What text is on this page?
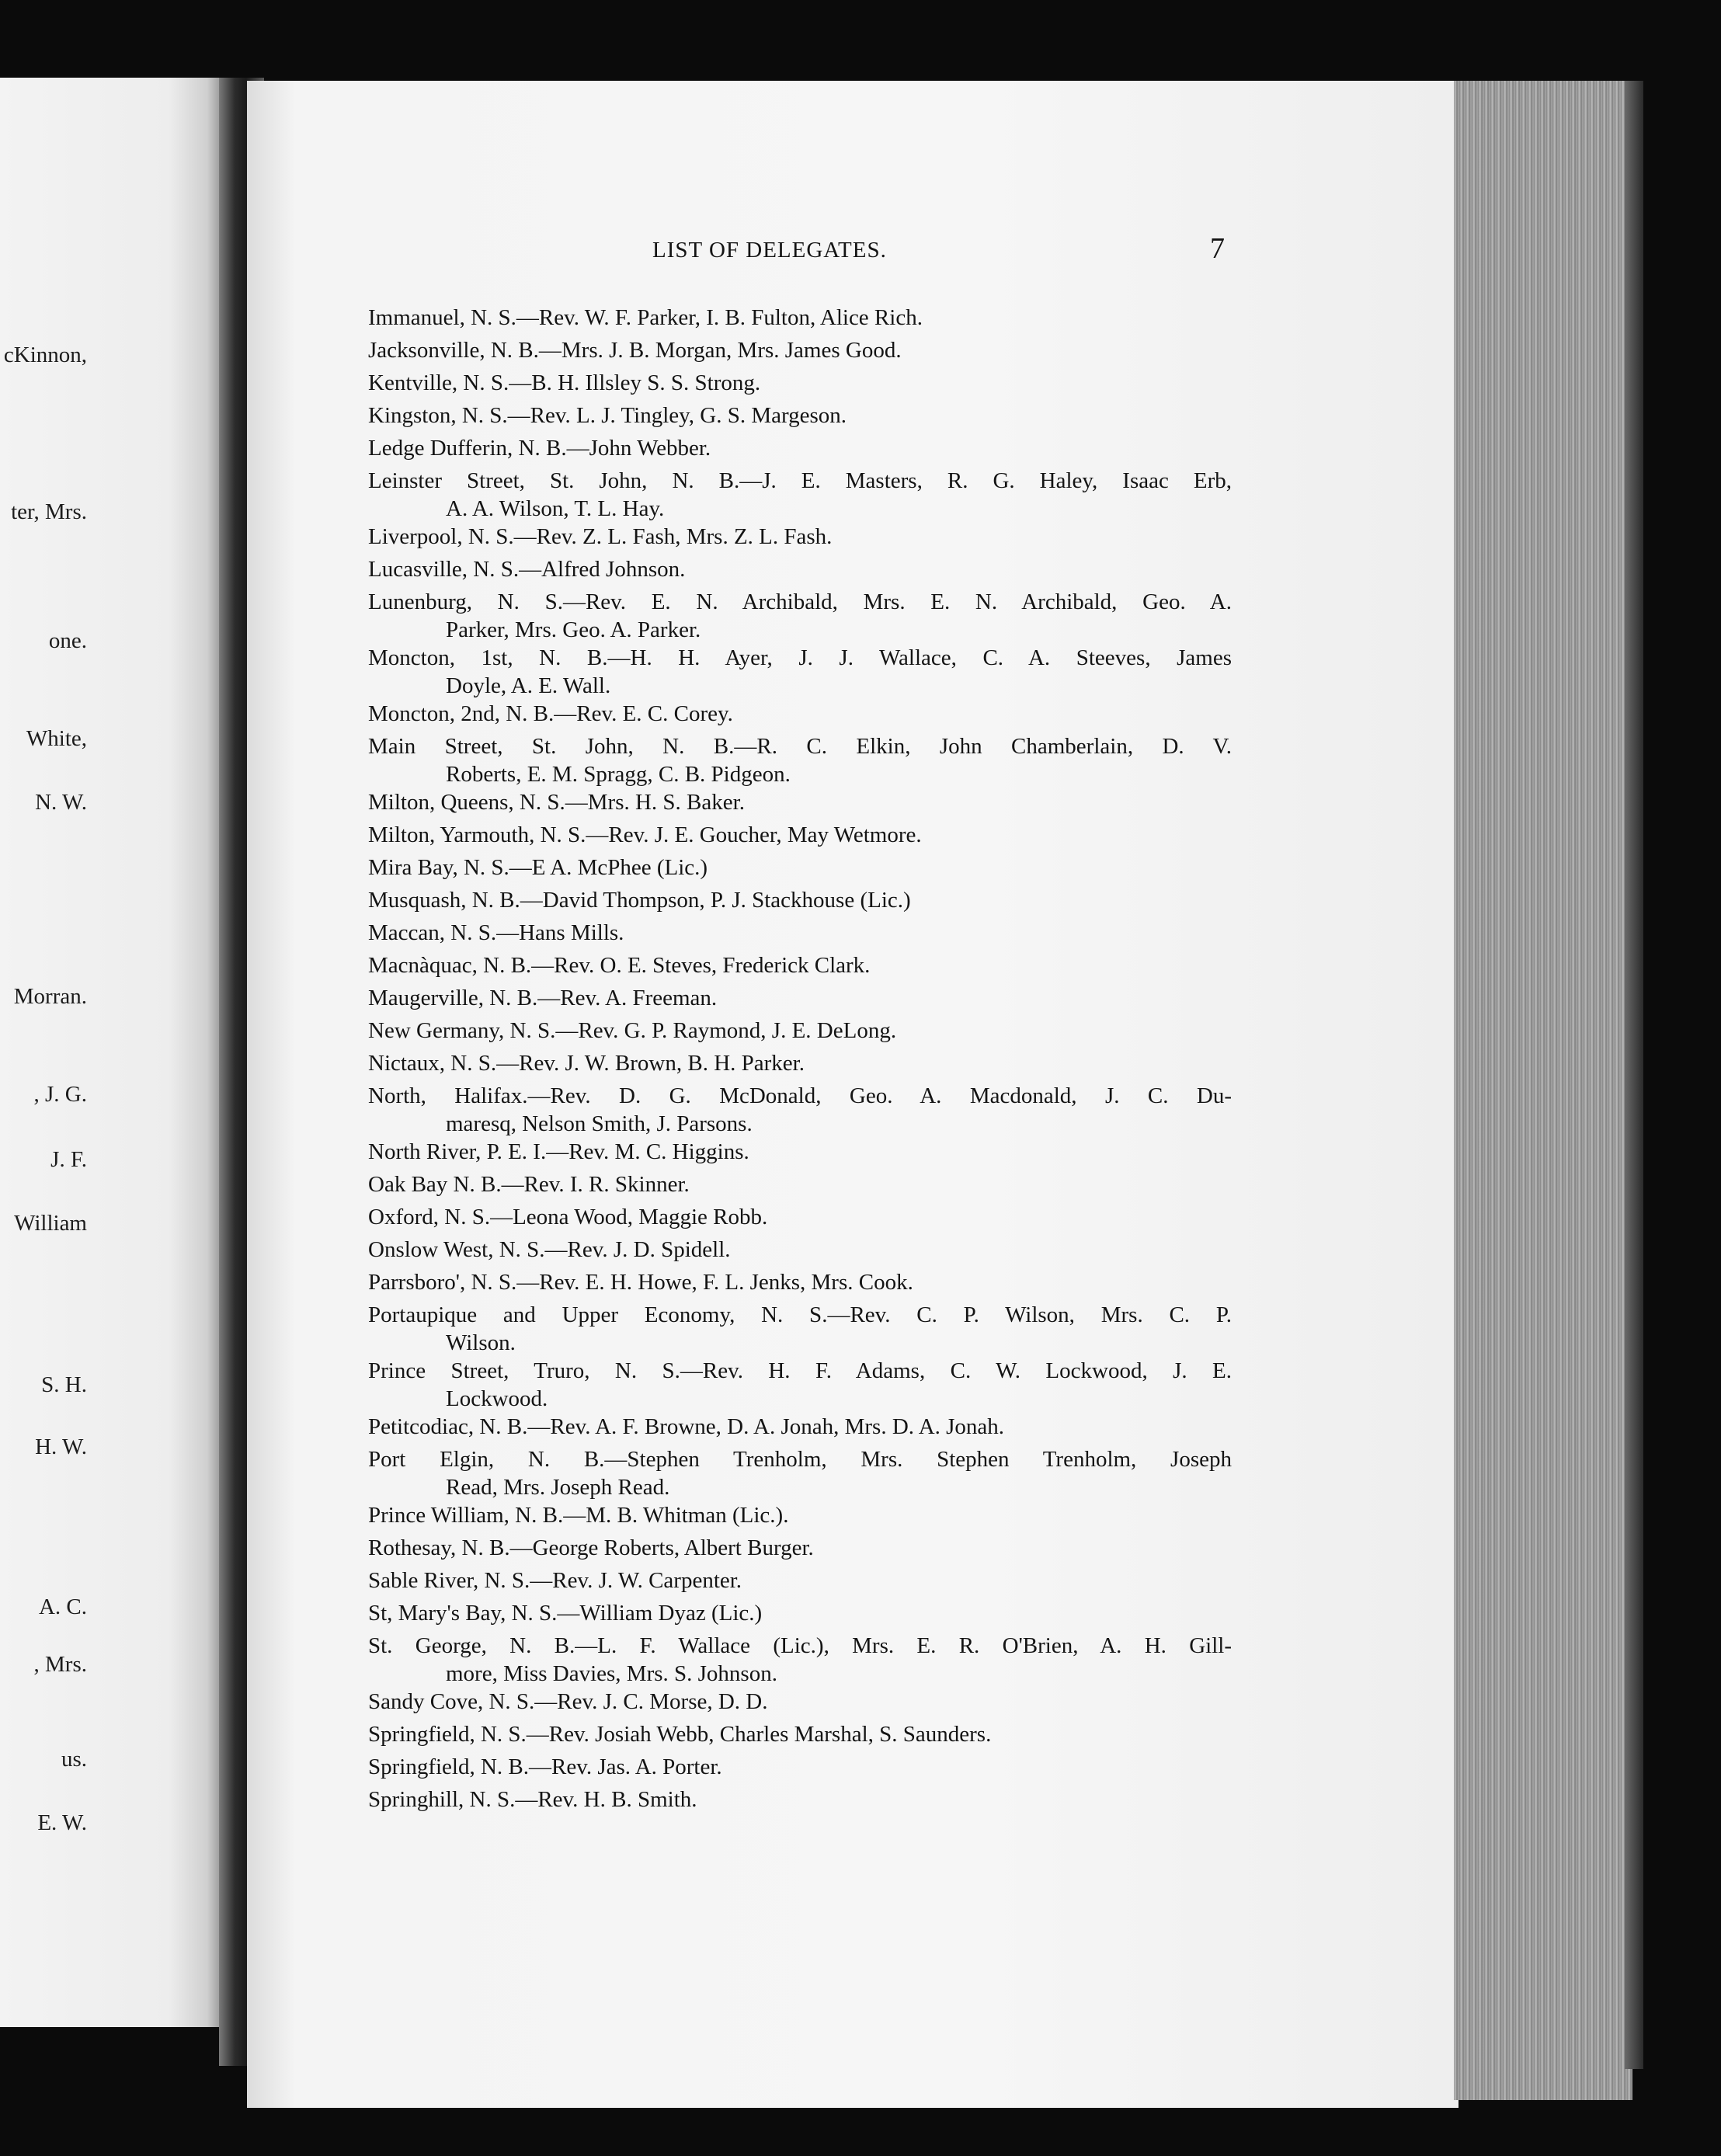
cKinnon,
ter, Mrs.
one.
White,
N. W.
Morran.
, J. G.
J. F.
William
S. H.
H. W.
A. C.
, Mrs.
us.
E. W.
LIST OF DELEGATES.	7
Immanuel, N. S.—Rev. W. F. Parker, I. B. Fulton, Alice Rich.
Jacksonville, N. B.—Mrs. J. B. Morgan, Mrs. James Good.
Kentville, N. S.—B. H. Illsley S. S. Strong.
Kingston, N. S.—Rev. L. J. Tingley, G. S. Margeson.
Ledge Dufferin, N. B.—John Webber.
Leinster Street, St. John, N. B.—J. E. Masters, R. G. Haley, Isaac Erb,
A. A. Wilson, T. L. Hay.
Liverpool, N. S.—Rev. Z. L. Fash, Mrs. Z. L. Fash.
Lucasville, N. S.—Alfred Johnson.
Lunenburg, N. S.—Rev. E. N. Archibald, Mrs. E. N. Archibald, Geo. A.
Parker, Mrs. Geo. A. Parker.
Moncton, 1st, N. B.—H. H. Ayer, J. J. Wallace, C. A. Steeves, James
Doyle, A. E. Wall.
Moncton, 2nd, N. B.—Rev. E. C. Corey.
Main Street, St. John, N. B.—R. C. Elkin, John Chamberlain, D. V.
Roberts, E. M. Spragg, C. B. Pidgeon.
Milton, Queens, N. S.—Mrs. H. S. Baker.
Milton, Yarmouth, N. S.—Rev. J. E. Goucher, May Wetmore.
Mira Bay, N. S.—E A. McPhee (Lic.)
Musquash, N. B.—David Thompson, P. J. Stackhouse (Lic.)
Maccan, N. S.—Hans Mills.
Macnàquac, N. B.—Rev. O. E. Steves, Frederick Clark.
Maugerville, N. B.—Rev. A. Freeman.
New Germany, N. S.—Rev. G. P. Raymond, J. E. DeLong.
Nictaux, N. S.—Rev. J. W. Brown, B. H. Parker.
North, Halifax.—Rev. D. G. McDonald, Geo. A. Macdonald, J. C. Du-
maresq, Nelson Smith, J. Parsons.
North River, P. E. I.—Rev. M. C. Higgins.
Oak Bay N. B.—Rev. I. R. Skinner.
Oxford, N. S.—Leona Wood, Maggie Robb.
Onslow West, N. S.—Rev. J. D. Spidell.
Parrsboro', N. S.—Rev. E. H. Howe, F. L. Jenks, Mrs. Cook.
Portaupique and Upper Economy, N. S.—Rev. C. P. Wilson, Mrs. C. P.
Wilson.
Prince Street, Truro, N. S.—Rev. H. F. Adams, C. W. Lockwood, J. E.
Lockwood.
Petitcodiac, N. B.—Rev. A. F. Browne, D. A. Jonah, Mrs. D. A. Jonah.
Port Elgin, N. B.—Stephen Trenholm, Mrs. Stephen Trenholm, Joseph
Read, Mrs. Joseph Read.
Prince William, N. B.—M. B. Whitman (Lic.).
Rothesay, N. B.—George Roberts, Albert Burger.
Sable River, N. S.—Rev. J. W. Carpenter.
St, Mary's Bay, N. S.—William Dyaz (Lic.)
St. George, N. B.—L. F. Wallace (Lic.), Mrs. E. R. O'Brien, A. H. Gill-
more, Miss Davies, Mrs. S. Johnson.
Sandy Cove, N. S.—Rev. J. C. Morse, D. D.
Springfield, N. S.—Rev. Josiah Webb, Charles Marshal, S. Saunders.
Springfield, N. B.—Rev. Jas. A. Porter.
Springhill, N. S.—Rev. H. B. Smith.
